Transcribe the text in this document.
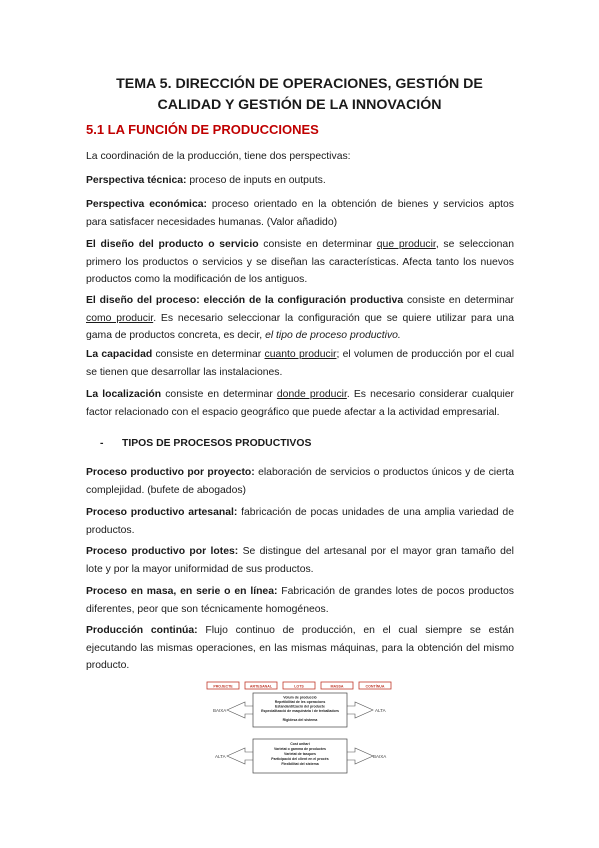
TEMA 5. DIRECCIÓN DE OPERACIONES, GESTIÓN DE CALIDAD Y GESTIÓN DE LA INNOVACIÓN
5.1 LA FUNCIÓN DE PRODUCCIONES
La coordinación de la producción, tiene dos perspectivas:
Perspectiva técnica: proceso de inputs en outputs.
Perspectiva económica: proceso orientado en la obtención de bienes y servicios aptos para satisfacer necesidades humanas. (Valor añadido)
El diseño del producto o servicio consiste en determinar que producir, se seleccionan primero los productos o servicios y se diseñan las características. Afecta tanto los nuevos productos como la modificación de los antiguos.
El diseño del proceso: elección de la configuración productiva consiste en determinar como producir. Es necesario seleccionar la configuración que se quiere utilizar para una gama de productos concreta, es decir, el tipo de proceso productivo.
La capacidad consiste en determinar cuanto producir; el volumen de producción por el cual se tienen que desarrollar las instalaciones.
La localización consiste en determinar donde producir. Es necesario considerar cualquier factor relacionado con el espacio geográfico que puede afectar a la actividad empresarial.
- TIPOS DE PROCESOS PRODUCTIVOS
Proceso productivo por proyecto: elaboración de servicios o productos únicos y de cierta complejidad. (bufete de abogados)
Proceso productivo artesanal: fabricación de pocas unidades de una amplia variedad de productos.
Proceso productivo por lotes: Se distingue del artesanal por el mayor gran tamaño del lote y por la mayor uniformidad de sus productos.
Proceso en masa, en serie o en línea: Fabricación de grandes lotes de pocos productos diferentes, peor que son técnicamente homogéneos.
Producción continúa: Flujo continuo de producción, en el cual siempre se están ejecutando las mismas operaciones, en las mismas máquinas, para la obtención del mismo producto.
PROJECTE	ARTESANAL	LOTS	MASSA	CONTÍNUA
Volum de producció
Repetibilitat de les operacions
Estandardització del producte
Especialització de maquinària i de treballadors
Rigidesa del sistema
BAIXA	ALTA
Cost unitari
Varietat o gamma de productes
Varietat de tasques
Participació del client en el procés
Flexibilitat del sistema
ALTA	BAIXA
